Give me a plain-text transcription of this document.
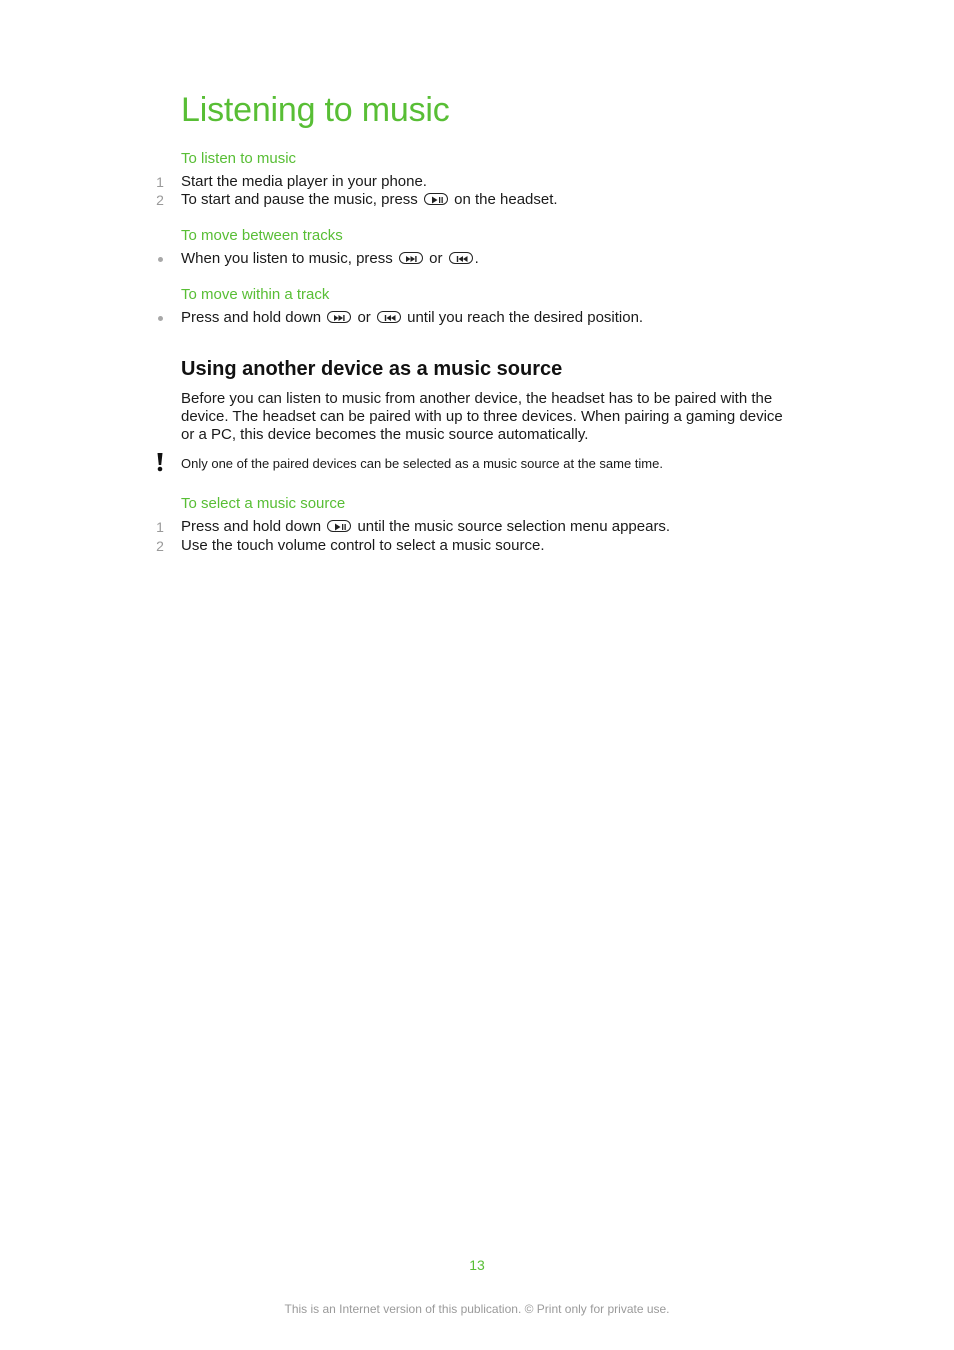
Listening to music
To listen to music
1	Start the media player in your phone.
2	To start and pause the music, press on the headset.
To move between tracks
When you listen to music, press or .
To move within a track
Press and hold down or until you reach the desired position.
Using another device as a music source
Before you can listen to music from another device, the headset has to be paired with the
device. The headset can be paired with up to three devices. When pairing a gaming device
or a PC, this device becomes the music source automatically.
Only one of the paired devices can be selected as a music source at the same time.
To select a music source
1	Press and hold down until the music source selection menu appears.
2	Use the touch volume control to select a music source.
13
This is an Internet version of this publication. © Print only for private use.
